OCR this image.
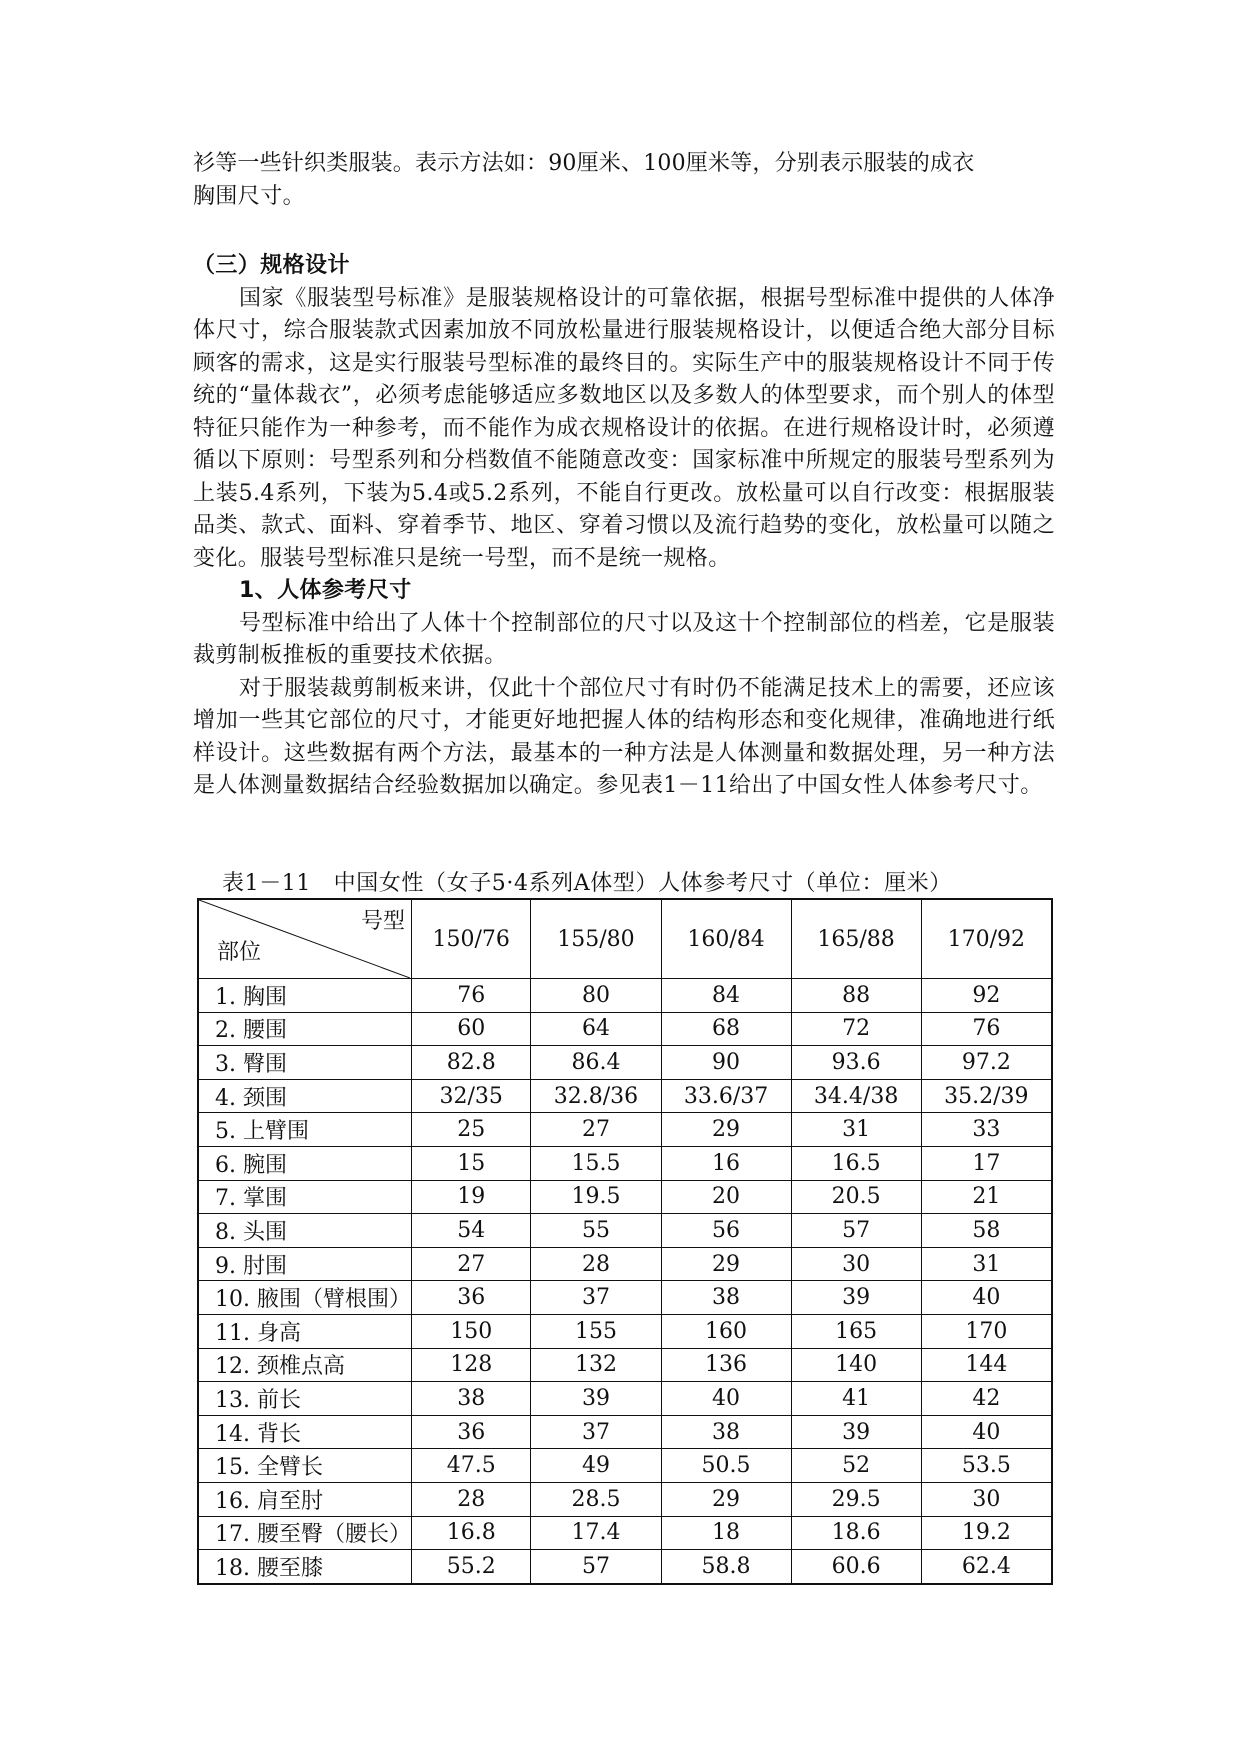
衫等一些针织类服装。表示方法如：90厘米、100厘米等，分别表示服装的成衣

胸围尺寸。

（三）规格设计

国家《服装型号标准》是服装规格设计的可靠依据，根据号型标准中提供的人体净体尺寸，综合服装款式因素加放不同放松量进行服装规格设计，以便适合绝大部分目标顾客的需求，这是实行服装号型标准的最终目的。实际生产中的服装规格设计不同于传统的“量体裁衣”，必须考虑能够适应多数地区以及多数人的体型要求，而个别人的体型特征只能作为一种参考，而不能作为成衣规格设计的依据。在进行规格设计时，必须遵循以下原则：号型系列和分档数值不能随意改变：国家标准中所规定的服装号型系列为上装5.4系列，下装为5.4或5.2系列，不能自行更改。放松量可以自行改变：根据服装品类、款式、面料、穿着季节、地区、穿着习惯以及流行趋势的变化，放松量可以随之变化。服装号型标准只是统一号型，而不是统一规格。

1、人体参考尺寸

号型标准中给出了人体十个控制部位的尺寸以及这十个控制部位的档差，它是服装裁剪制板推板的重要技术依据。

对于服装裁剪制板来讲，仅此十个部位尺寸有时仍不能满足技术上的需要，还应该增加一些其它部位的尺寸，才能更好地把握人体的结构形态和变化规律，准确地进行纸样设计。这些数据有两个方法，最基本的一种方法是人体测量和数据处理，另一种方法是人体测量数据结合经验数据加以确定。参见表1－11给出了中国女性人体参考尺寸。

表1－11　中国女性（女子5·4系列A体型）人体参考尺寸（单位：厘米）
号型
部位	150/76	155/80	160/84	165/88	170/92
1. 胸围	76	80	84	88	92
2. 腰围	60	64	68	72	76
3. 臀围	82.8	86.4	90	93.6	97.2
4. 颈围	32/35	32.8/36	33.6/37	34.4/38	35.2/39
5. 上臂围	25	27	29	31	33
6. 腕围	15	15.5	16	16.5	17
7. 掌围	19	19.5	20	20.5	21
8. 头围	54	55	56	57	58
9. 肘围	27	28	29	30	31
10. 腋围（臂根围）	36	37	38	39	40
11. 身高	150	155	160	165	170
12. 颈椎点高	128	132	136	140	144
13. 前长	38	39	40	41	42
14. 背长	36	37	38	39	40
15. 全臂长	47.5	49	50.5	52	53.5
16. 肩至肘	28	28.5	29	29.5	30
17. 腰至臀（腰长）	16.8	17.4	18	18.6	19.2
18. 腰至膝	55.2	57	58.8	60.6	62.4
